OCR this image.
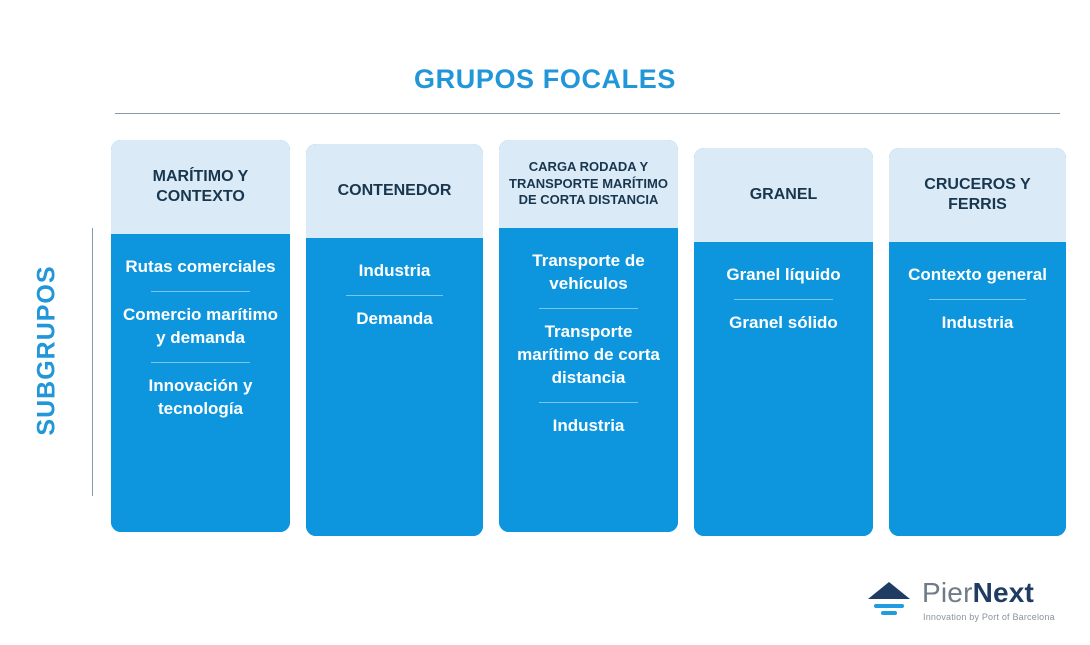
GRUPOS FOCALES
SUBGRUPOS
MARÍTIMO Y CONTEXTO
Rutas comerciales
Comercio marítimo y demanda
Innovación y tecnología
CONTENEDOR
Industria
Demanda
CARGA RODADA Y TRANSPORTE MARÍTIMO DE CORTA DISTANCIA
Transporte de vehículos
Transporte marítimo de corta distancia
Industria
GRANEL
Granel líquido
Granel sólido
CRUCEROS Y FERRIS
Contexto general
Industria
PierNext
Innovation by Port of Barcelona
